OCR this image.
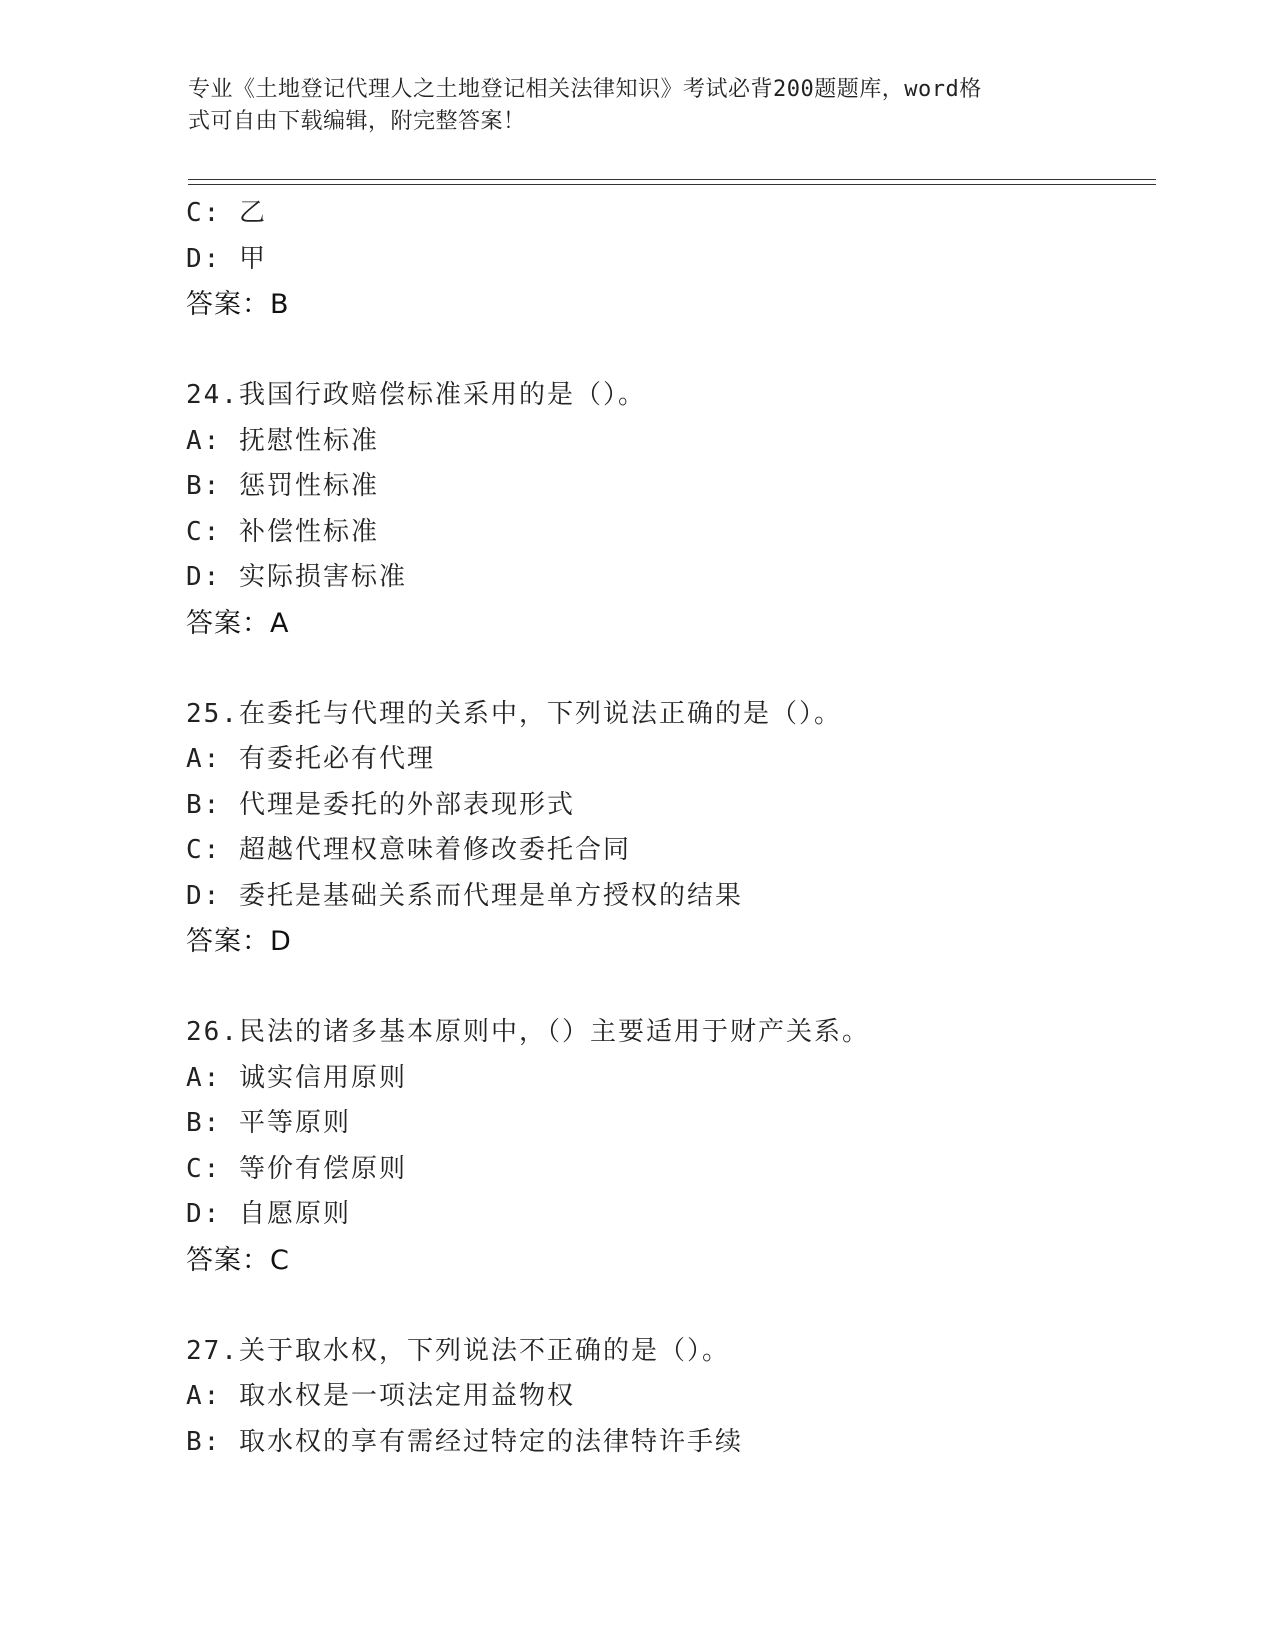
专业《土地登记代理人之土地登记相关法律知识》考试必背200题题库，word格
式可自由下载编辑，附完整答案！
C: 乙
D: 甲
答案：B
24.我国行政赔偿标准采用的是（）。
A: 抚慰性标准
B: 惩罚性标准
C: 补偿性标准
D: 实际损害标准
答案：A
25.在委托与代理的关系中，下列说法正确的是（）。
A: 有委托必有代理
B: 代理是委托的外部表现形式
C: 超越代理权意味着修改委托合同
D: 委托是基础关系而代理是单方授权的结果
答案：D
26.民法的诸多基本原则中，（）主要适用于财产关系。
A: 诚实信用原则
B: 平等原则
C: 等价有偿原则
D: 自愿原则
答案：C
27.关于取水权，下列说法不正确的是（）。
A: 取水权是一项法定用益物权
B: 取水权的享有需经过特定的法律特许手续
